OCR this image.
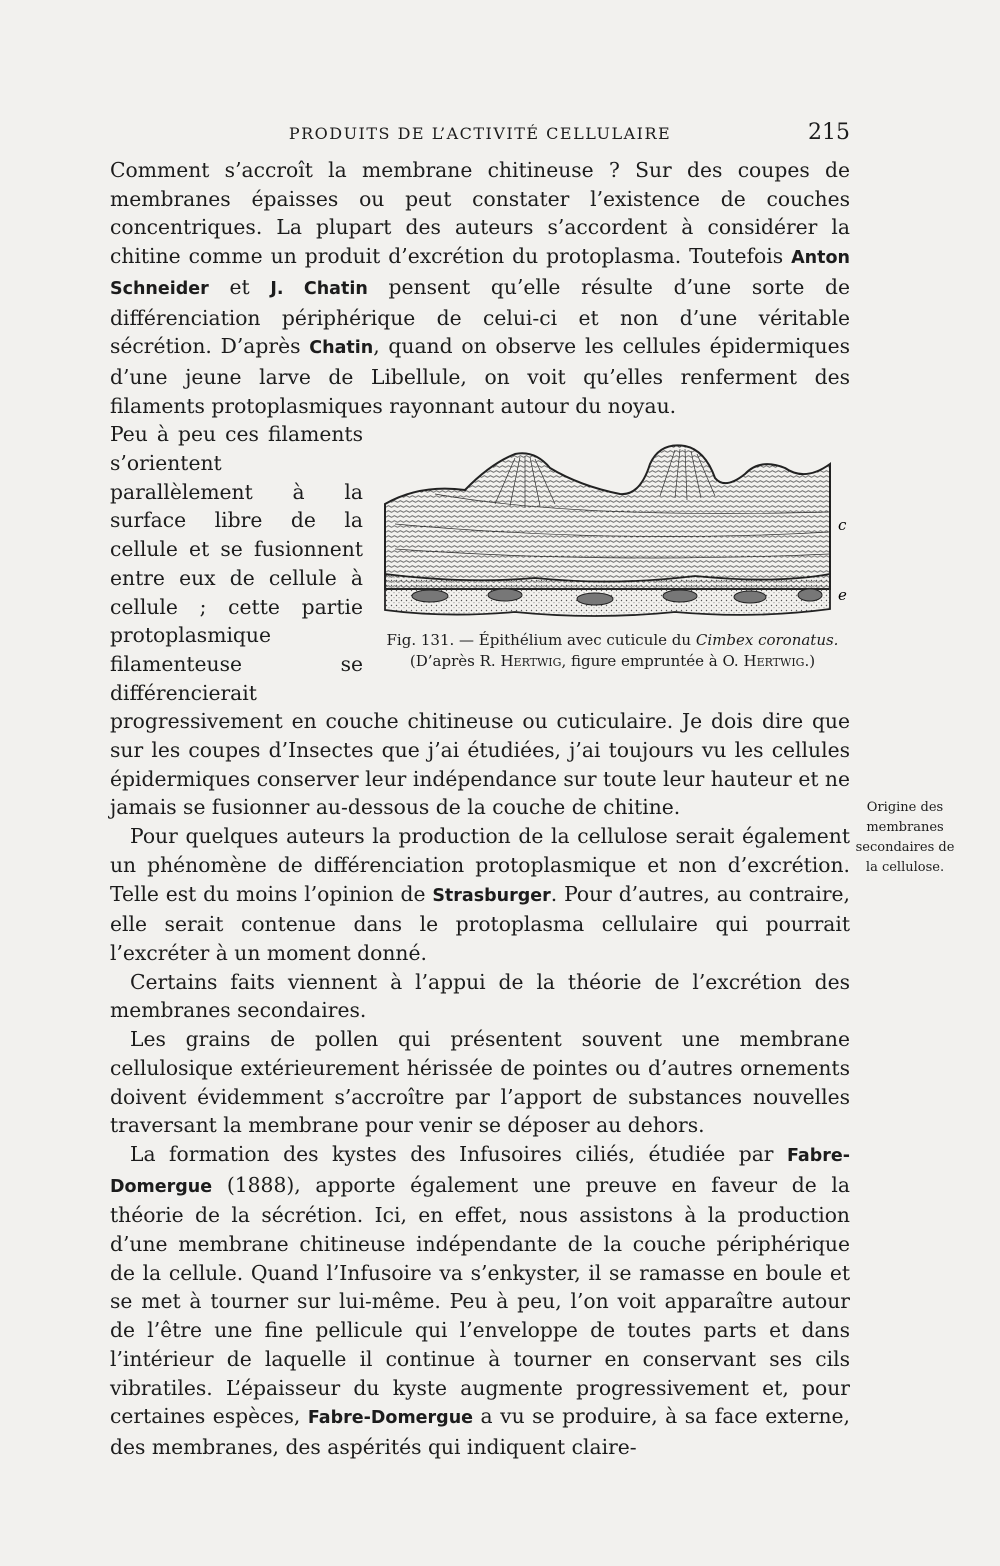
PRODUITS DE L’ACTIVITÉ CELLULAIRE	215

Comment s’accroît la membrane chitineuse ? Sur des coupes de membranes épaisses ou peut constater l’existence de couches concentriques. La plupart des auteurs s’accordent à considérer la chitine comme un produit d’excrétion du protoplasma. Toutefois Anton Schneider et J. Chatin pensent qu’elle résulte d’une sorte de différenciation périphérique de celui-ci et non d’une véritable sécrétion. D’après Chatin, quand on observe les cellules épidermiques d’une jeune larve de Libellule, on voit qu’elles renferment des filaments protoplasmiques rayonnant autour du noyau.

c
e
Fig. 131. — Épithélium avec cuticule du Cimbex coronatus.
(D’après R. Hertwig, figure empruntée à O. Hertwig.)

Peu à peu ces filaments s’orientent parallèlement à la surface libre de la cellule et se fusionnent entre eux de cellule à cellule ; cette partie protoplasmique filamenteuse se différencierait progressivement en couche chitineuse ou cuticulaire. Je dois dire que sur les coupes d’Insectes que j’ai étudiées, j’ai toujours vu les cellules épidermiques conserver leur indépendance sur toute leur hauteur et ne jamais se fusionner au-dessous de la couche de chitine.

Pour quelques auteurs la production de la cellulose serait également un phénomène de différenciation protoplasmique et non d’excrétion. Telle est du moins l’opinion de Strasburger. Pour d’autres, au contraire, elle serait contenue dans le protoplasma cellulaire qui pourrait l’excréter à un moment donné.

Certains faits viennent à l’appui de la théorie de l’excrétion des membranes secondaires.

Les grains de pollen qui présentent souvent une membrane cellulosique extérieurement hérissée de pointes ou d’autres ornements doivent évidemment s’accroître par l’apport de substances nouvelles traversant la membrane pour venir se déposer au dehors.

La formation des kystes des Infusoires ciliés, étudiée par Fabre-Domergue (1888), apporte également une preuve en faveur de la théorie de la sécrétion. Ici, en effet, nous assistons à la production d’une membrane chitineuse indépendante de la couche périphérique de la cellule. Quand l’Infusoire va s’enkyster, il se ramasse en boule et se met à tourner sur lui-même. Peu à peu, l’on voit apparaître autour de l’être une fine pellicule qui l’enveloppe de toutes parts et dans l’intérieur de laquelle il continue à tourner en conservant ses cils vibratiles. L’épaisseur du kyste augmente progressivement et, pour certaines espèces, Fabre-Domergue a vu se produire, à sa face externe, des membranes, des aspérités qui indiquent claire-

Origine des membranes secondaires de la cellulose.
